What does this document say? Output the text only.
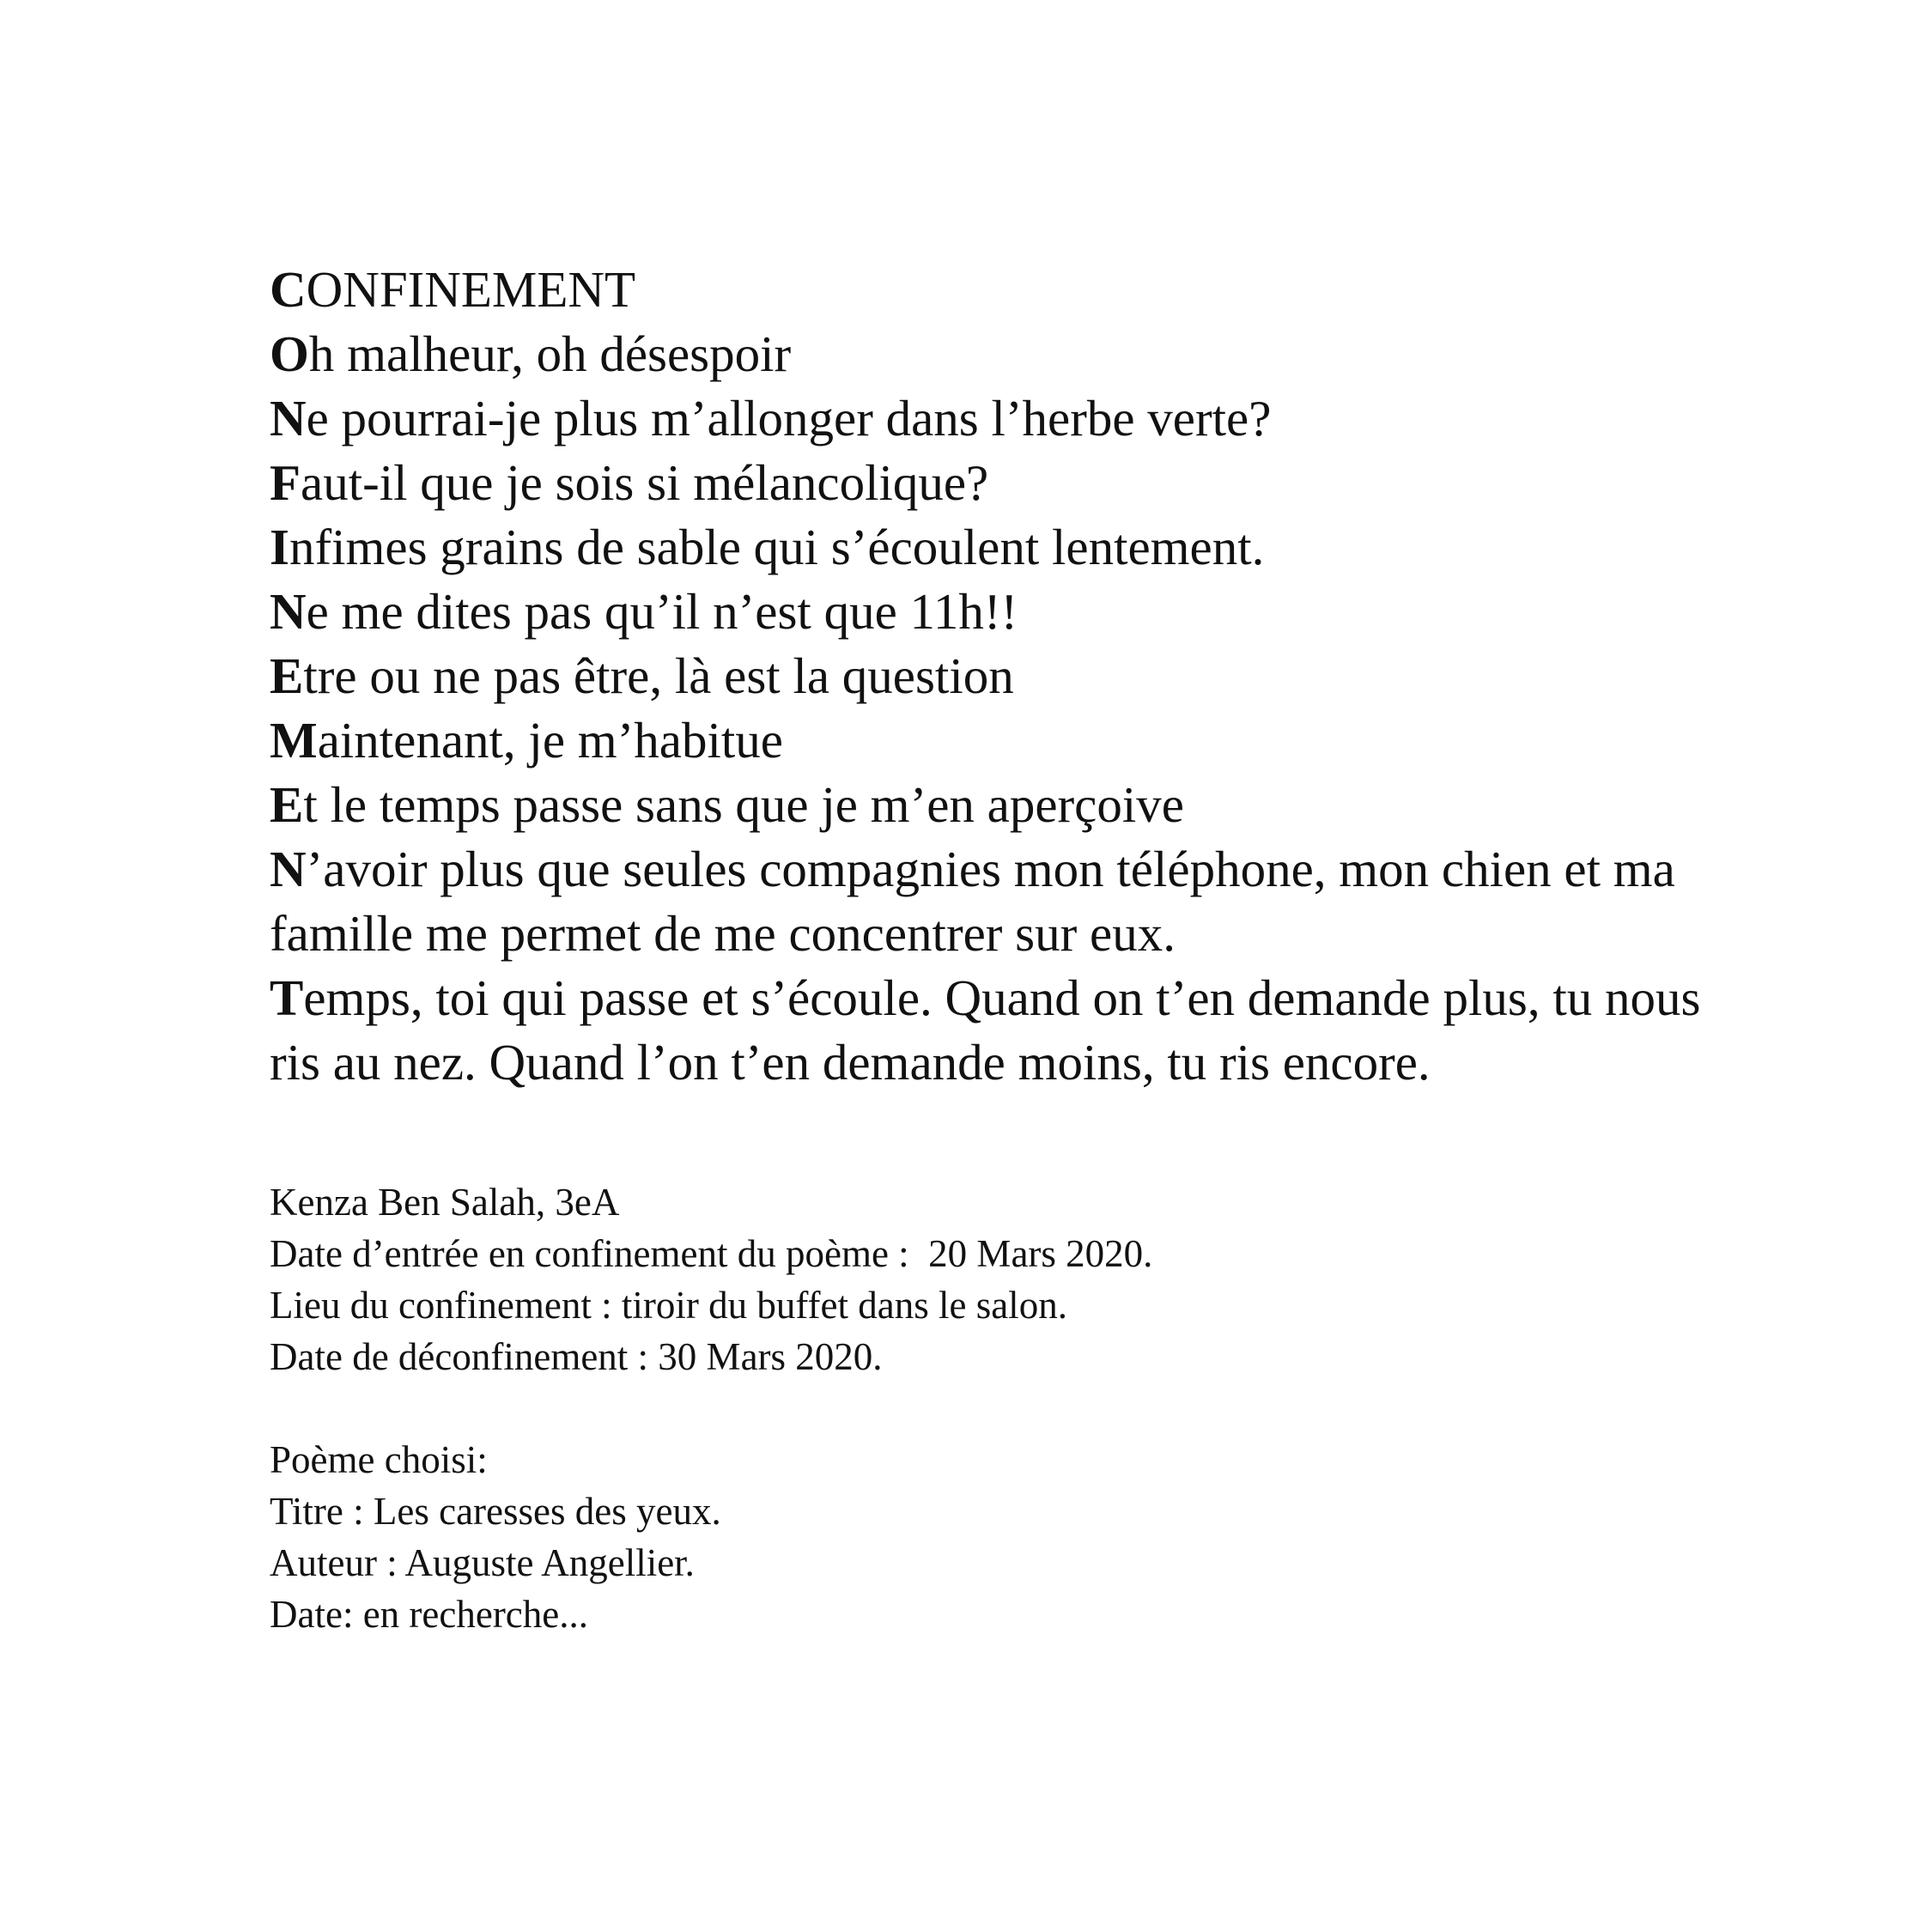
CONFINEMENT
Oh malheur, oh désespoir
Ne pourrai-je plus m’allonger dans l’herbe verte?
Faut-il que je sois si mélancolique?
Infimes grains de sable qui s’écoulent lentement.
Ne me dites pas qu’il n’est que 11h!!
Etre ou ne pas être, là est la question
Maintenant, je m’habitue
Et le temps passe sans que je m’en aperçoive
N’avoir plus que seules compagnies mon téléphone, mon chien et ma famille me permet de me concentrer sur eux.
Temps, toi qui passe et s’écoule. Quand on t’en demande plus, tu nous ris au nez. Quand l’on t’en demande moins, tu ris encore.
Kenza Ben Salah, 3eA
Date d’entrée en confinement du poème :  20 Mars 2020.
Lieu du confinement : tiroir du buffet dans le salon.
Date de déconfinement : 30 Mars 2020.
Poème choisi:
Titre : Les caresses des yeux.
Auteur : Auguste Angellier.
Date: en recherche...
